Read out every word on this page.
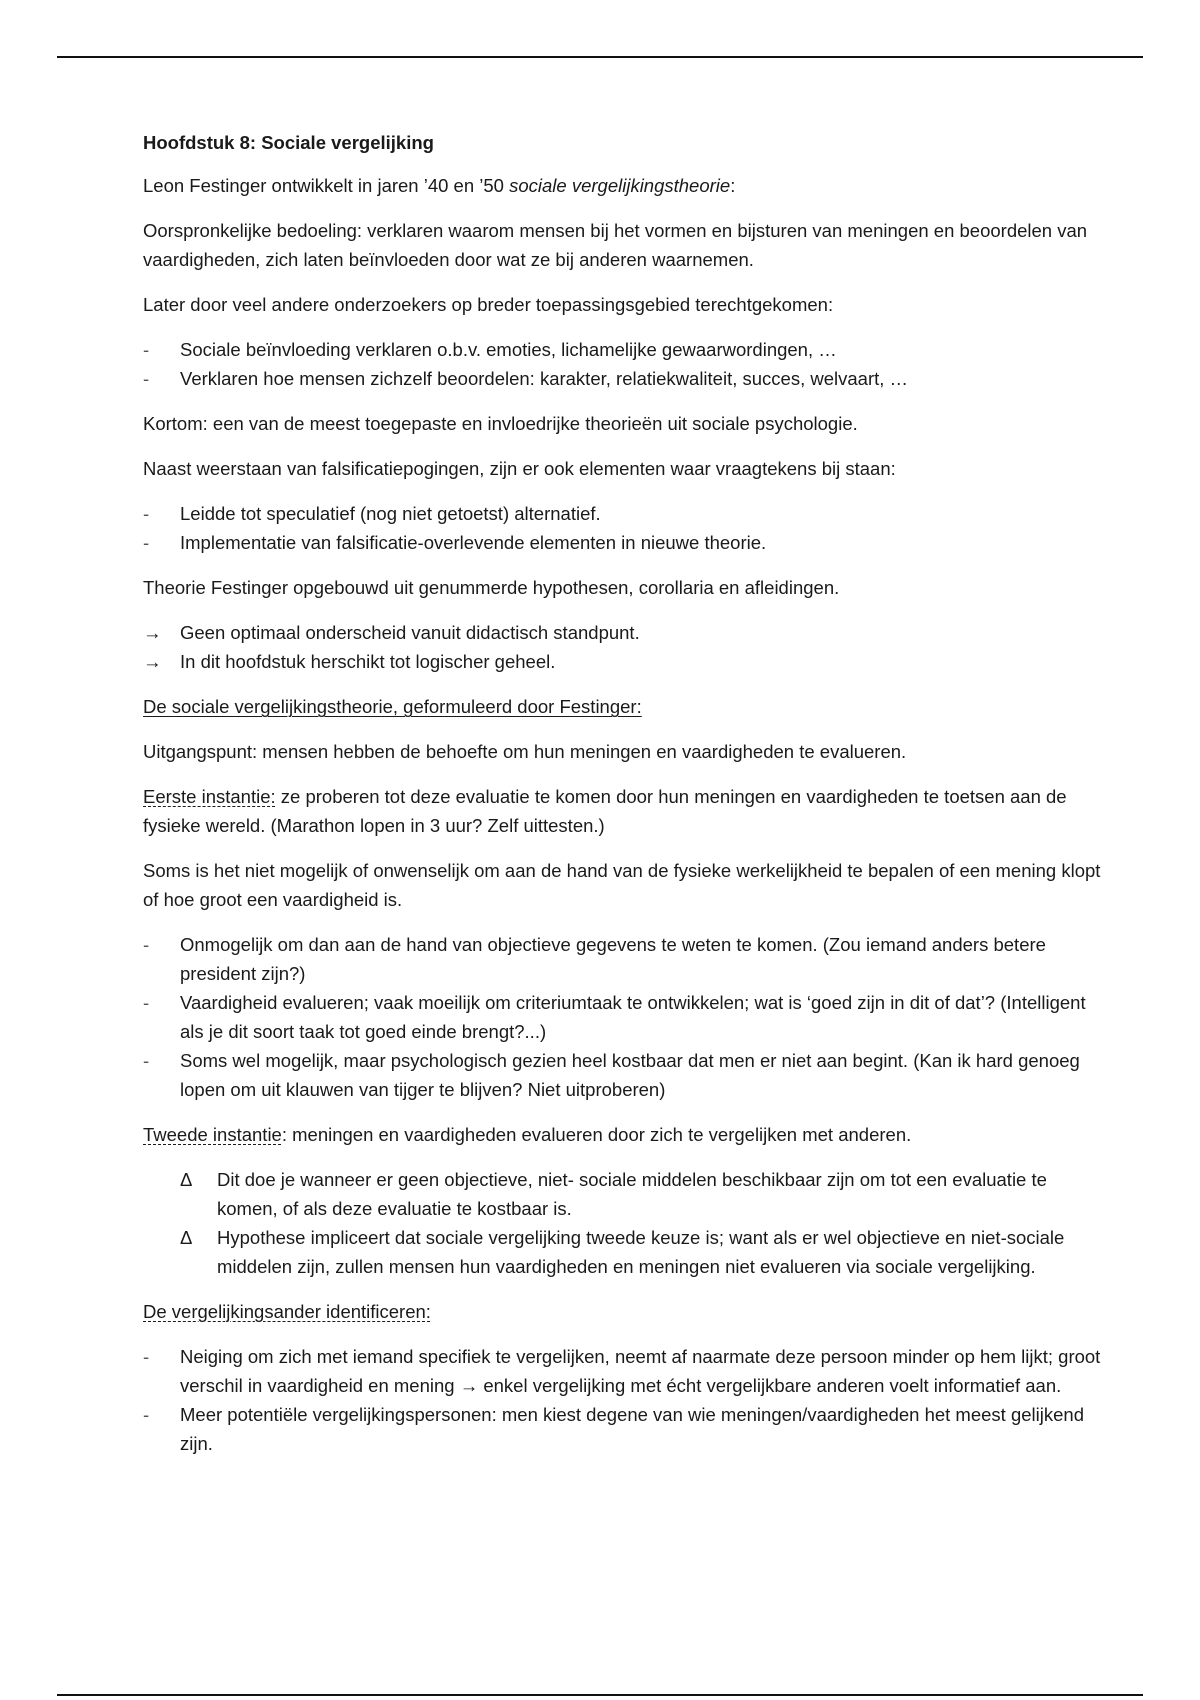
Hoofdstuk 8: Sociale vergelijking

Leon Festinger ontwikkelt in jaren ’40 en ’50 sociale vergelijkingstheorie:

Oorspronkelijke bedoeling: verklaren waarom mensen bij het vormen en bijsturen van meningen en beoordelen van vaardigheden, zich laten beïnvloeden door wat ze bij anderen waarnemen.

Later door veel andere onderzoekers op breder toepassingsgebied terechtgekomen:

-	Sociale beïnvloeding verklaren o.b.v. emoties, lichamelijke gewaarwordingen, …
-	Verklaren hoe mensen zichzelf beoordelen: karakter, relatiekwaliteit, succes, welvaart, …

Kortom: een van de meest toegepaste en invloedrijke theorieën uit sociale psychologie.

Naast weerstaan van falsificatiepogingen, zijn er ook elementen waar vraagtekens bij staan:

-	Leidde tot speculatief (nog niet getoetst) alternatief.
-	Implementatie van falsificatie-overlevende elementen in nieuwe theorie.

Theorie Festinger opgebouwd uit genummerde hypothesen, corollaria en afleidingen.

→	Geen optimaal onderscheid vanuit didactisch standpunt.
→	In dit hoofdstuk herschikt tot logischer geheel.

De sociale vergelijkingstheorie, geformuleerd door Festinger:

Uitgangspunt: mensen hebben de behoefte om hun meningen en vaardigheden te evalueren.

Eerste instantie: ze proberen tot deze evaluatie te komen door hun meningen en vaardigheden te toetsen aan de fysieke wereld. (Marathon lopen in 3 uur? Zelf uittesten.)

Soms is het niet mogelijk of onwenselijk om aan de hand van de fysieke werkelijkheid te bepalen of een mening klopt of hoe groot een vaardigheid is.

-	Onmogelijk om dan aan de hand van objectieve gegevens te weten te komen. (Zou iemand anders betere president zijn?)
-	Vaardigheid evalueren; vaak moeilijk om criteriumtaak te ontwikkelen; wat is ‘goed zijn in dit of dat’? (Intelligent als je dit soort taak tot goed einde brengt?...)
-	Soms wel mogelijk, maar psychologisch gezien heel kostbaar dat men er niet aan begint. (Kan ik hard genoeg lopen om uit klauwen van tijger te blijven? Niet uitproberen)

Tweede instantie: meningen en vaardigheden evalueren door zich te vergelijken met anderen.

Δ	Dit doe je wanneer er geen objectieve, niet- sociale middelen beschikbaar zijn om tot een evaluatie te komen, of als deze evaluatie te kostbaar is.
Δ	Hypothese impliceert dat sociale vergelijking tweede keuze is; want als er wel objectieve en niet-sociale middelen zijn, zullen mensen hun vaardigheden en meningen niet evalueren via sociale vergelijking.

De vergelijkingsander identificeren:

-	Neiging om zich met iemand specifiek te vergelijken, neemt af naarmate deze persoon minder op hem lijkt; groot verschil in vaardigheid en mening → enkel vergelijking met écht vergelijkbare anderen voelt informatief aan.
-	Meer potentiële vergelijkingspersonen: men kiest degene van wie meningen/vaardigheden het meest gelijkend zijn.
